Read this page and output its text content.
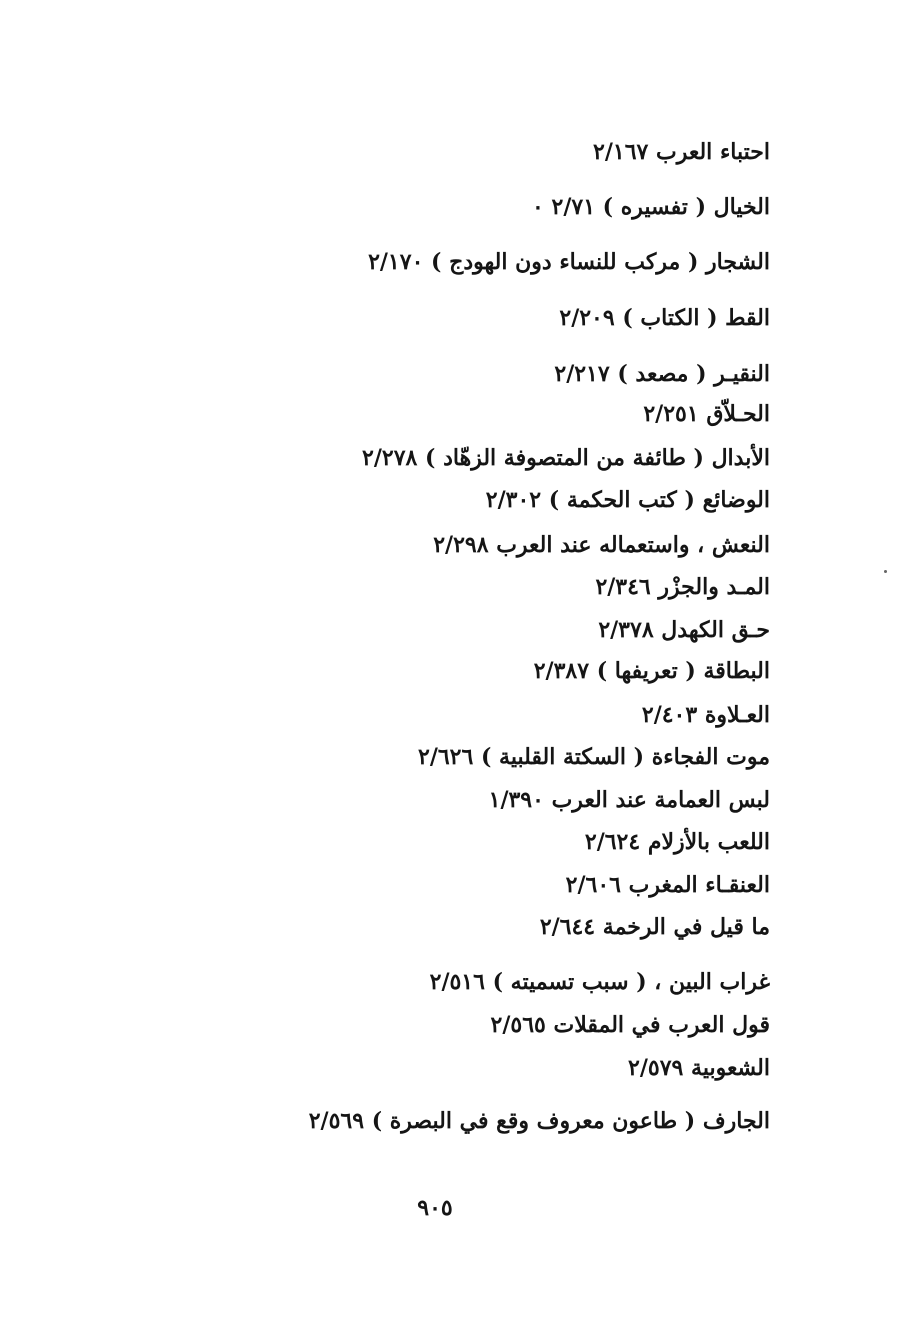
احتباء العرب ٢/١٦٧
الخيال ( تفسيره ) ٢/٧١ ٠
الشجار ( مركب للنساء دون الهودج ) ٢/١٧٠
القط ( الكتاب ) ٢/٢٠٩
النقيـر ( مصعد ) ٢/٢١٧
الحـلاّق ٢/٢٥١
الأبدال ( طائفة من المتصوفة الزهّاد ) ٢/٢٧٨
الوضائع ( كتب الحكمة ) ٢/٣٠٢
النعش ، واستعماله عند العرب ٢/٢٩٨
المـد والجزْر ٢/٣٤٦
حـق الكهدل ٢/٣٧٨
البطاقة ( تعريفها ) ٢/٣٨٧
العـلاوة ٢/٤٠٣
موت الفجاءة ( السكتة القلبية ) ٢/٦٢٦
لبس العمامة عند العرب ١/٣٩٠
اللعب بالأزلام ٢/٦٢٤
العنقـاء المغرب ٢/٦٠٦
ما قيل في الرخمة ٢/٦٤٤
غراب البين ، ( سبب تسميته ) ٢/٥١٦
قول العرب في المقلات ٢/٥٦٥
الشعوبية ٢/٥٧٩
الجارف ( طاعون معروف وقع في البصرة ) ٢/٥٦٩
٩٠٥
